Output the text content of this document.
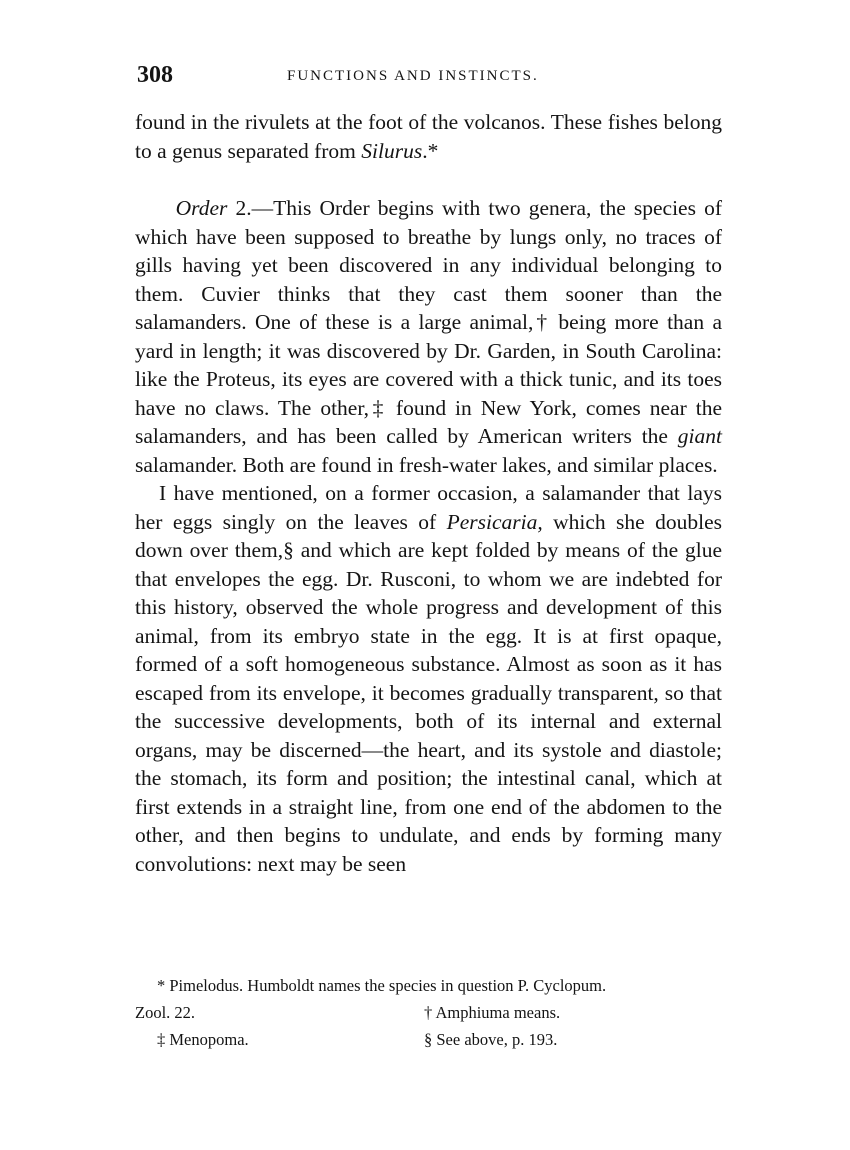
308	FUNCTIONS AND INSTINCTS.

found in the rivulets at the foot of the volcanos. These fishes belong to a genus separated from Silurus.*

Order 2.—This Order begins with two genera, the species of which have been supposed to breathe by lungs only, no traces of gills having yet been discovered in any individual belonging to them. Cuvier thinks that they cast them sooner than the salamanders. One of these is a large animal,† being more than a yard in length; it was discovered by Dr. Garden, in South Carolina: like the Proteus, its eyes are covered with a thick tunic, and its toes have no claws. The other,‡ found in New York, comes near the salamanders, and has been called by American writers the giant salamander. Both are found in fresh-water lakes, and similar places.

I have mentioned, on a former occasion, a salamander that lays her eggs singly on the leaves of Persicaria, which she doubles down over them,§ and which are kept folded by means of the glue that envelopes the egg. Dr. Rusconi, to whom we are indebted for this history, observed the whole progress and development of this animal, from its embryo state in the egg. It is at first opaque, formed of a soft homogeneous substance. Almost as soon as it has escaped from its envelope, it becomes gradually transparent, so that the successive developments, both of its internal and external organs, may be discerned—the heart, and its systole and diastole; the stomach, its form and position; the intestinal canal, which at first extends in a straight line, from one end of the abdomen to the other, and then begins to undulate, and ends by forming many convolutions: next may be seen

* Pimelodus. Humboldt names the species in question P. Cyclopum.
Zool. 22.	† Amphiuma means.
‡ Menopoma.	§ See above, p. 193.
